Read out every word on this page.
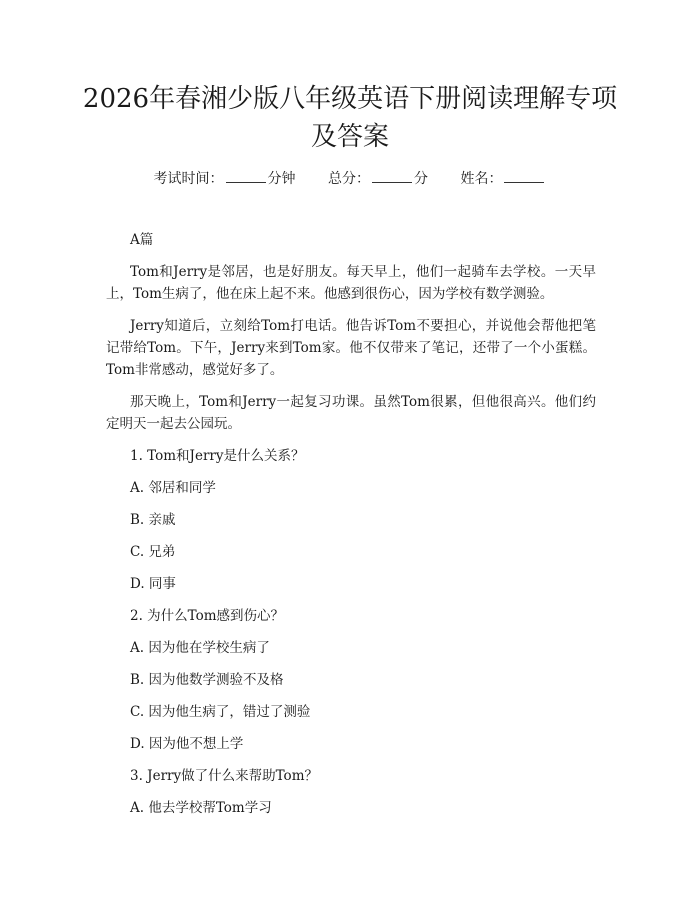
2026年春湘少版八年级英语下册阅读理解专项及答案
考试时间：	分钟 总分：	分 姓名：
A篇

Tom和Jerry是邻居，也是好朋友。每天早上，他们一起骑车去学校。一天早上，Tom生病了，他在床上起不来。他感到很伤心，因为学校有数学测验。

Jerry知道后，立刻给Tom打电话。他告诉Tom不要担心，并说他会帮他把笔记带给Tom。下午，Jerry来到Tom家。他不仅带来了笔记，还带了一个小蛋糕。Tom非常感动，感觉好多了。

那天晚上，Tom和Jerry一起复习功课。虽然Tom很累，但他很高兴。他们约定明天一起去公园玩。

1. Tom和Jerry是什么关系？
A. 邻居和同学
B. 亲戚
C. 兄弟
D. 同事
2. 为什么Tom感到伤心？
A. 因为他在学校生病了
B. 因为他数学测验不及格
C. 因为他生病了，错过了测验
D. 因为他不想上学
3. Jerry做了什么来帮助Tom？
A. 他去学校帮Tom学习
